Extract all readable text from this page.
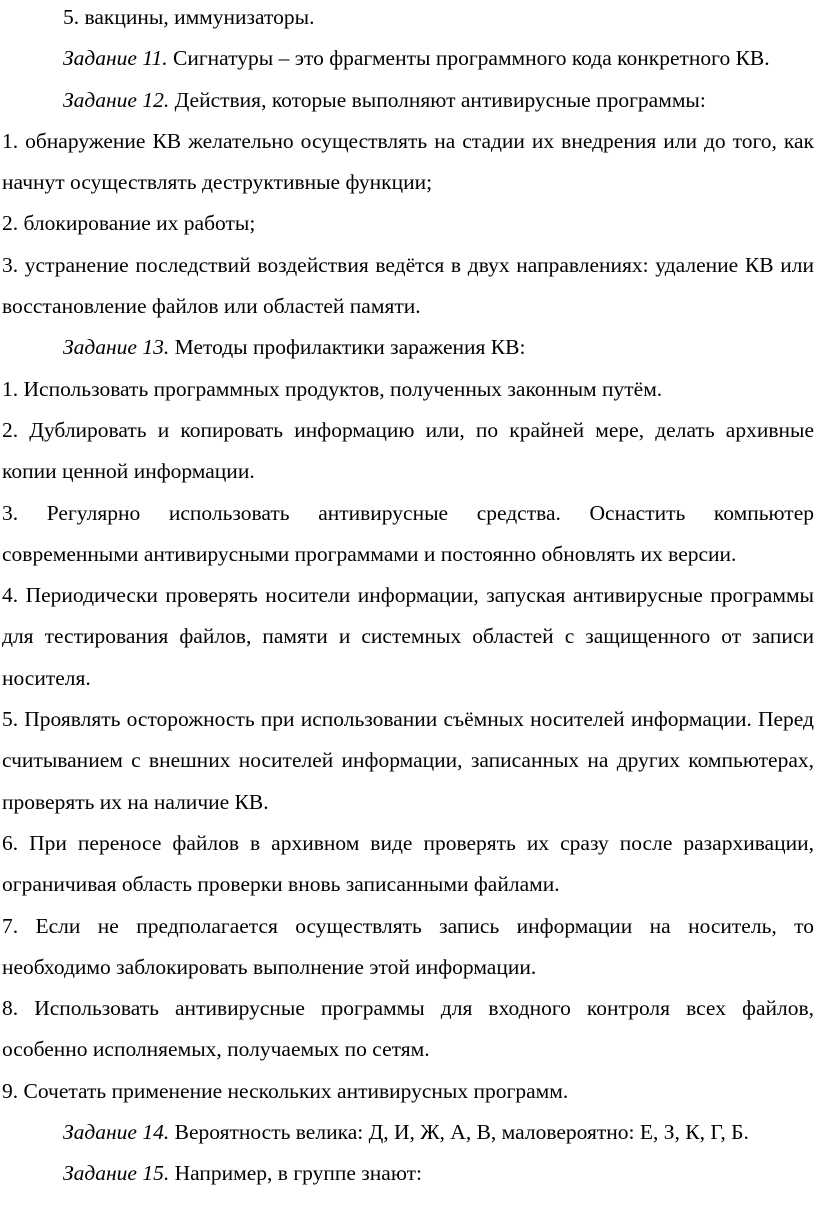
5. вакцины, иммунизаторы.

Задание 11. Сигнатуры – это фрагменты программного кода конкретного КВ.

Задание 12. Действия, которые выполняют антивирусные программы:

1. обнаружение КВ желательно осуществлять на стадии их внедрения или до того, как начнут осуществлять деструктивные функции;

2. блокирование их работы;

3. устранение последствий воздействия ведётся в двух направлениях: удаление КВ или восстановление файлов или областей памяти.

Задание 13. Методы профилактики заражения КВ:

1. Использовать программных продуктов, полученных законным путём.

2. Дублировать и копировать информацию или, по крайней мере, делать архивные копии ценной информации.

3. Регулярно использовать антивирусные средства. Оснастить компьютер современными антивирусными программами и постоянно обновлять их версии.

4. Периодически проверять носители информации, запуская антивирусные программы для тестирования файлов, памяти и системных областей с защищенного от записи носителя.

5. Проявлять осторожность при использовании съёмных носителей информации. Перед считыванием с внешних носителей информации, записанных на других компьютерах, проверять их на наличие КВ.

6. При переносе файлов в архивном виде проверять их сразу после разархивации, ограничивая область проверки вновь записанными файлами.

7. Если не предполагается осуществлять запись информации на носитель, то необходимо заблокировать выполнение этой информации.

8. Использовать антивирусные программы для входного контроля всех файлов, особенно исполняемых, получаемых по сетям.

9. Сочетать применение нескольких антивирусных программ.

Задание 14. Вероятность велика: Д, И, Ж, А, В, маловероятно: Е, З, К, Г, Б.

Задание 15. Например, в группе знают:
